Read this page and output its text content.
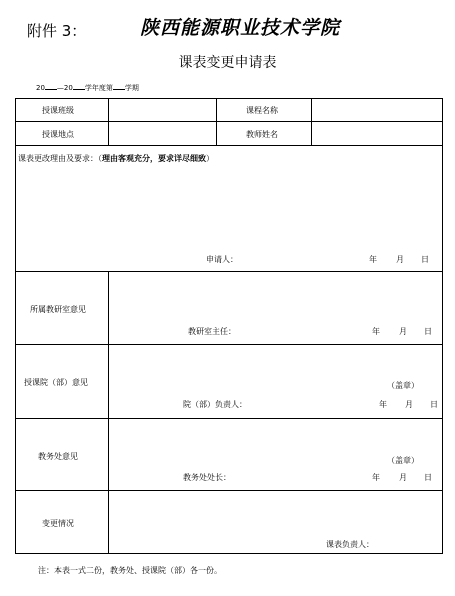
附件 3：	陕西能源职业技术学院
课表变更申请表
20 —20 学年度第 学期
授课班级	课程名称
授课地点	教师姓名
课表更改理由及要求：（理由客观充分，要求详尽细致）
申请人：	年 月 日
所属教研室意见
教研室主任：	年 月 日
授课院（部）意见	（盖章）
院（部）负责人：	年 月 日
教务处意见	（盖章）
教务处处长：	年 月 日
变更情况
课表负责人：
注：本表一式二份，教务处、授课院（部）各一份。
